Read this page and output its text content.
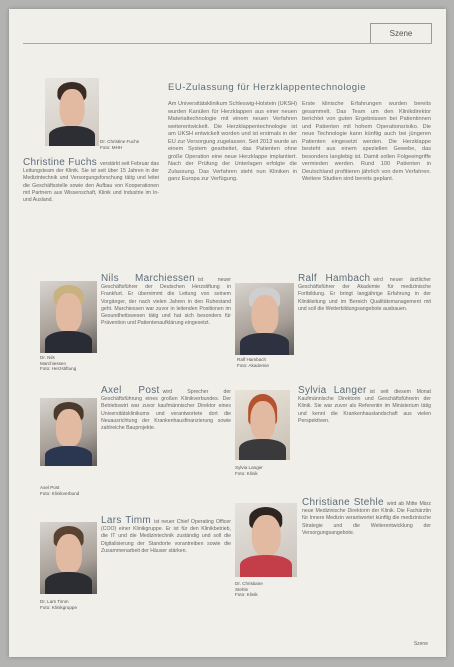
Szene
Dr. Christine Fuchs
Foto: MHH
EU-Zulassung für Herzklappentechnologie
Christine Fuchs verstärkt seit Februar das Leitungsteam der Klinik. Sie ist seit über 15 Jahren in der Medizintechnik und Versorgungsforschung tätig und leitet die Geschäftsstelle sowie den Aufbau von Kooperationen mit Partnern aus Wissenschaft, Klinik und Industrie im In- und Ausland.
Am Universitätsklinikum Schleswig-Holstein (UKSH) wurden Kanülen für Herzklappen aus einer neuen Materialtechnologie mit einem neuen Verfahren weiterentwickelt. Die Herzklappentechnologie ist am UKSH entwickelt worden und ist erstmals in der EU zur Versorgung zugelassen. Seit 2013 wurde an einem System gearbeitet, das Patienten ohne große Operation eine neue Herzklappe implantiert. Nach der Prüfung der Unterlagen erfolgte die Zulassung. Das Verfahren steht nun Kliniken in ganz Europa zur Verfügung.
Erste klinische Erfahrungen wurden bereits gesammelt. Das Team um den Klinikdirektor berichtet von guten Ergebnissen bei Patientinnen und Patienten mit hohem Operationsrisiko. Die neue Technologie kann künftig auch bei jüngeren Patienten eingesetzt werden. Die Herzklappe besteht aus einem speziellen Gewebe, das besonders langlebig ist. Damit sollen Folgeeingriffe vermieden werden. Rund 100 Patienten in Deutschland profitieren jährlich von dem Verfahren. Weitere Studien sind bereits geplant.
Dr. Nils
Marchiessen
Foto: Herzstiftung
Nils Marchiessen ist neuer Geschäftsführer der Deutschen Herzstiftung in Frankfurt. Er übernimmt die Leitung von seinem Vorgänger, der nach vielen Jahren in den Ruhestand geht. Marchiessen war zuvor in leitenden Positionen im Gesundheitswesen tätig und hat sich besonders für Prävention und Patientenaufklärung eingesetzt.
Ralf Hambach
Foto: Akademie
Ralf Hambach wird neuer ärztlicher Geschäftsführer der Akademie für medizinische Fortbildung. Er bringt langjährige Erfahrung in der Klinikleitung und im Bereich Qualitätsmanagement mit und soll die Weiterbildungsangebote ausbauen.
Axel Post
Foto: Klinikverbund
Axel Post wird Sprecher der Geschäftsführung eines großen Klinikverbundes. Der Betriebswirt war zuvor kaufmännischer Direktor eines Universitätsklinikums und verantwortete dort die Neuausrichtung der Krankenhausfinanzierung sowie zahlreiche Bauprojekte.
Sylvia Langer
Foto: Klinik
Sylvia Langer ist seit diesem Monat Kaufmännische Direktorin und Geschäftsführerin der Klinik. Sie war zuvor als Referentin im Ministerium tätig und kennt die Krankenhauslandschaft aus vielen Perspektiven.
Dr. Lars Timm
Foto: Klinikgruppe
Lars Timm ist neuer Chief Operating Officer (COO) einer Klinikgruppe. Er ist für den Klinikbetrieb, die IT und die Medizintechnik zuständig und soll die Digitalisierung der Standorte vorantreiben sowie die Zusammenarbeit der Häuser stärken.
Dr. Christiane
Stehle
Foto: Klinik
Christiane Stehle wird ab Mitte März neue Medizinische Direktorin der Klinik. Die Fachärztin für Innere Medizin verantwortet künftig die medizinische Strategie und die Weiterentwicklung der Versorgungsangebote.
Szene
